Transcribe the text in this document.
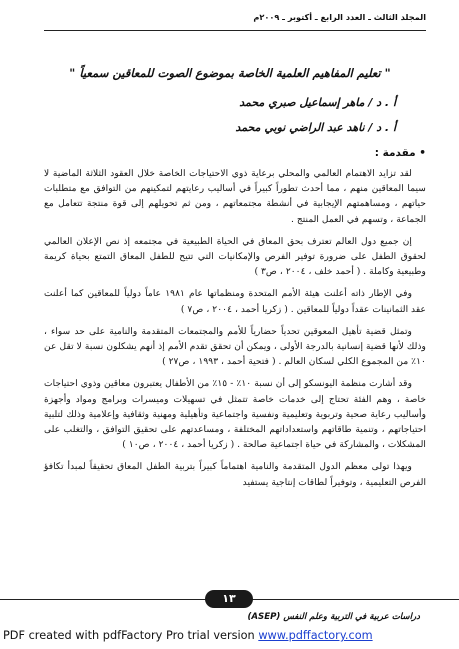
المجلد الثالث ـ العدد الرابع ـ أكتوبر ـ ٢٠٠٩م
" تعليم المفاهيم العلمية الخاصة بموضوع الصوت للمعاقين سمعياً "
أ . د / ماهر إسماعيل صبري محمد
أ . د / ناهد عبد الراضي نوبي محمد
• مقدمة :

لقد تزايد الاهتمام العالمي والمحلي برعاية ذوي الاحتياجات الخاصة خلال العقود الثلاثة الماضية لا سيما المعاقين منهم ، مما أحدث تطوراً كبيراً في أساليب رعايتهم لتمكينهم من التوافق مع متطلبات حياتهم ، ومساهمتهم الإيجابية في أنشطة مجتمعاتهم ، ومن ثم تحويلهم إلى قوة منتجة تتعامل مع الجماعة ، وتسهم في العمل المنتج .

إن جميع دول العالم تعترف بحق المعاق في الحياة الطبيعية في مجتمعه إذ نص الإعلان العالمي لحقوق الطفل على ضرورة توفير الفرص والإمكانيات التي تتيح للطفل المعاق التمتع بحياة كريمة وطبيعية وكاملة . ( أحمد خلف ، ٢٠٠٤ ، ص٣ )

وفي الإطار ذاته أعلنت هيئة الأمم المتحدة ومنظماتها عام ١٩٨١ عاماً دولياً للمعاقين كما أعلنت عقد الثمانينات عقداً دولياً للمعاقين . ( زكريا أحمد ، ٢٠٠٤ ، ص٧ )

وتمثل قضية تأهيل المعوقين تحدياً حضارياً للأمم والمجتمعات المتقدمة والنامية على حد سواء ، وذلك لأنها قضية إنسانية بالدرجة الأولى ، ويمكن أن تحقق تقدم الأمم إذ أنهم يشكلون نسبة لا تقل عن ١٠٪ من المجموع الكلي لسكان العالم . ( فتحية أحمد ، ١٩٩٣ ، ص٢٧ )

وقد أشارت منظمة اليونسكو إلى أن نسبة ١٠٪ - ١٥٪ من الأطفال يعتبرون معاقين وذوي احتياجات خاصة ، وهم الفئة تحتاج إلى خدمات خاصة تتمثل في تسهيلات وميسرات وبرامج ومواد وأجهزة وأساليب رعاية صحية وتربوية وتعليمية ونفسية واجتماعية وتأهيلية ومهنية وثقافية وإعلامية وذلك لتلبية احتياجاتهم ، وتنمية طاقاتهم واستعداداتهم المختلفة ، ومساعدتهم على تحقيق التوافق ، والتغلب على المشكلات ، والمشاركة في حياة اجتماعية صالحة . ( زكريا أحمد ، ٢٠٠٤ ، ص١٠ )

ويهذا تولى معظم الدول المتقدمة والنامية اهتماماً كبيراً بتربية الطفل المعاق تحقيقاً لمبدأ تكافؤ الفرص التعليمية ، وتوفيراً لطاقات إنتاجية يستفيد

١٣
دراسات عربية في التربية وعلم النفس (ASEP)
PDF created with pdfFactory Pro trial version www.pdffactory.com
